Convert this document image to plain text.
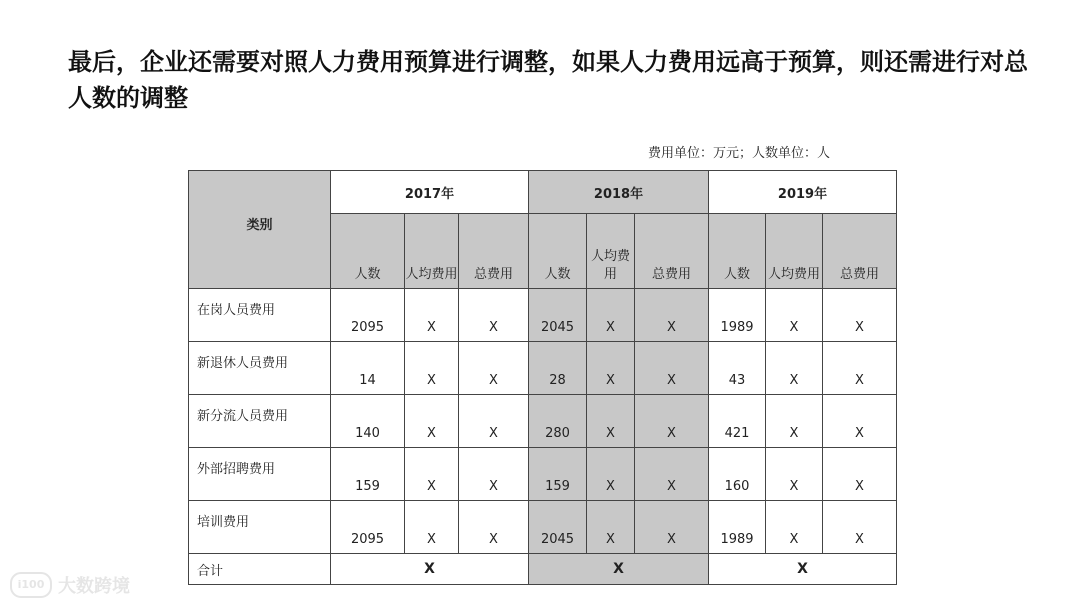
最后，企业还需要对照人力费用预算进行调整，如果人力费用远高于预算，则还需进行对总人数的调整
费用单位：万元；人数单位：人
类别	2017年			2018年			2019年		
	人数	人均费用	总费用	人数	人均费用	总费用	人数	人均费用	总费用
在岗人员费用	2095	X	X	2045	X	X	1989	X	X
新退休人员费用	14	X	X	28	X	X	43	X	X
新分流人员费用	140	X	X	280	X	X	421	X	X
外部招聘费用	159	X	X	159	X	X	160	X	X
培训费用	2095	X	X	2045	X	X	1989	X	X
合计	X			X			X		
i100 大数跨境
